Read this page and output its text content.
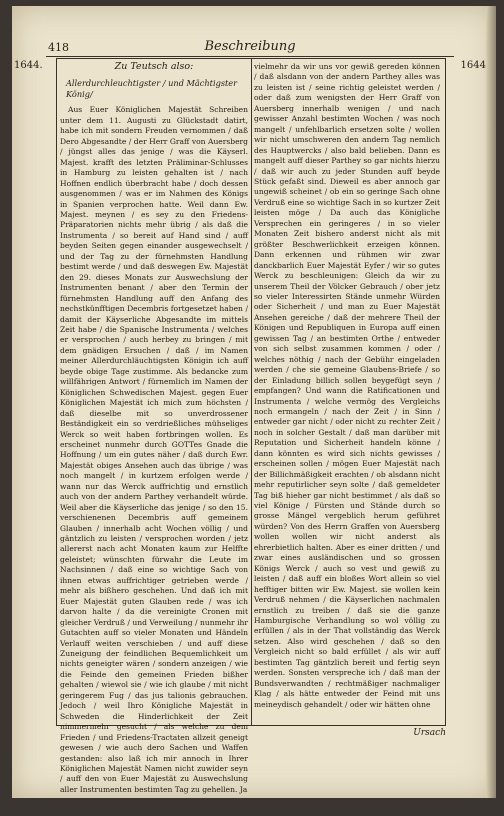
418	Beschreibung
1644.	1644
Zu Teutsch also:
Allerdurchleuchtigster / und Mächtigster König/

Aus Euer Königlichen Majestät Schreiben unter dem 11. Augusti zu Glückstadt datirt, habe ich mit sondern Freuden vernommen / daß Dero Abgesandte / der Herr Graff von Auersberg / jüngst alles das jenige / was die Käyserl. Majest. krafft des letzten Präliminar-Schlusses in Hamburg zu leisten gehalten ist / nach Hoffnen endlich überbracht habe / doch dessen ausgenommen / was er im Nahmen des Königs in Spanien verprochen hatte. Weil dann Ew. Majest. meynen / es sey zu den Friedens-Präparatorien nichts mehr übrig / als daß die Instrumenta / so bereit auf Hand sind / auff beyden Seiten gegen einander ausgewechselt / und der Tag zu der fürnehmsten Handlung bestimt werde / und daß deswegen Ew. Majestät den 29. dieses Monats zur Auswechslung der Instrumenten benant / aber den Termin der fürnehmsten Handlung auff den Anfang des nechstkünfftigen Decembris fortgesetzet haben / damit der Käyserliche Abgesandte im mittels Zeit habe / die Spanische Instrumenta / welches er versprochen / auch herbey zu bringen / mit dem gnädigen Ersuchen / daß / im Namen meiner Allerdurchläuchtigsten Königin ich auff beyde obige Tage zustimme. Als bedancke zum willfährigen Antwort / fürnemlich im Namen der Königlichen Schwedischen Majest. gegen Euer Königlichen Majestät ich mich zum höchsten / daß dieselbe mit so unverdrossener Beständigkeit ein so verdrießliches mühseliges Werck so weit haben fortbringen wollen. Es erscheinet nunmehr durch GOTTes Gnade die Hoffnung / um ein gutes näher / daß durch Ewr. Majestät obiges Ansehen auch das übrige / was noch mangelt / in kurtzem erfolgen werde / wann nur das Werck auffrichtig und ernstlich auch von der andern Parthey verhandelt würde. Weil aber die Käyserliche das jenige / so den 15. verschienenen Decembris auff gemeinem Glauben / innerhalb acht Wochen völlig / und gäntzlich zu leisten / versprochen worden / jetz allererst nach acht Monaten kaum zur Helffte geleistet; wünschten fürwahr die Leute im Nachsinnen / daß eine so wichtige Sach von ihnen etwas auffrichtiger getrieben werde / mehr als bißhero geschehen. Und daß ich mit Euer Majestät guten Glauben rede / was ich darvon halte / da die vereinigte Cronen mit gleicher Verdruß / und Verweilung / nunmehr ihr Gutachten auff so vieler Monaten und Händeln Verlauff weiten verschieben / und auff diese Zuneigung der feindlichen Bequemlichkeit um nichts geneigter wären / sondern anzeigen / wie die Feinde den gemeinen Frieden bißher gehalten / wiewol sie / wie ich glaube / mit nicht geringerem Fug / das jus talionis gebrauchen. Jedoch / weil Ihro Königliche Majestät in Schweden die Hinderlichkeit der Zeit nimmermehr gesucht / als welche zu dem Frieden / und Friedens-Tractaten allzeit geneigt gewesen / wie auch dero Sachen und Waffen gestanden: also laß ich mir annoch in Ihrer Königlichen Majestät Namen nicht zuwider seyn / auff den von Euer Majestät zu Auswechslung aller Instrumenten bestimten Tag zu gehellen. Ja

vielmehr da wir uns vor gewiß gereden können / daß alsdann von der andern Parthey alles was zu leisten ist / seine richtig geleistet werden / oder daß zum wenigsten der Herr Graff von Auersberg innerhalb wenigen / und nach gewisser Anzahl bestimten Wochen / was noch mangelt / unfehlbarlich ersetzen solte / wollen wir nicht umschweren den andern Tag nemlich des Hauptwercks / also bald belieben. Dann es mangelt auff dieser Parthey so gar nichts hierzu / daß wir auch zu jeder Stunden auff beyde Stück gefaßt sind. Dieweil es aber annoch gar ungewiß scheinet / ob ein so geringe Sach ohne Verdruß eine so wichtige Sach in so kurtzer Zeit leisten möge / Da auch das Königliche Versprechen ein geringeres / in so vieler Monaten Zeit bishero anderst nicht als mit größter Beschwerlichkeit erzeigen können. Dann erkennen und rühmen wir zwar danckbarlich Euer Majestät Eyfer / wir so gutes Werck zu beschleunigen: Gleich da wir zu unserem Theil der Völcker Gebrauch / ober jetz so vieler Interessirten Stände unmehr Würden oder Sicherheit / und man zu Euer Majestät Ansehen gereiche / daß der mehrere Theil der Königen und Republiquen in Europa auff einen gewissen Tag / an bestimten Orthe / entweder von sich selbst zusammen kommen / oder / welches nöthig / nach der Gebühr eingeladen werden / che sie gemeine Glaubens-Briefe / so der Einladung billich sollen beygefügt seyn / empfangen? Und wann die Ratificationen und Instrumenta / welche vermög des Vergleichs noch ermangeln / nach der Zeit / in Sinn / entweder gar nicht / oder nicht zu rechter Zeit / noch in solcher Gestalt / daß man darüber mit Reputation und Sicherheit handeln könne / dann könnten es wird sich nichts gewisses / erscheinen sollen / mögen Euer Majestät nach der Billichmäßigkeit erachten / ob alsdann nicht mehr reputirlicher seyn solte / daß gemeldeter Tag biß hieher gar nicht bestimmet / als daß so viel Könige / Fürsten und Stände durch so grosse Mängel vergeblich herum geführet würden? Von des Herrn Graffen von Auersberg wollen wollen wir nicht anderst als ehrerbietlich halten. Aber es einer dritten / und zwar eines ausländischen und so grossen Königs Werck / auch so vest und gewiß zu leisten / daß auff ein bloßes Wort allein so viel hefftiger bitten wir Ew. Majest. sie wollen kein Verdruß nehmen / die Käyserlichen nachmalen ernstlich zu treiben / daß sie die ganze Hamburgische Verhandlung so wol völlig zu erfüllen / als in der That vollständig das Werck setzen. Also wird geschehen / daß so den Vergleich nicht so bald erfüllet / als wir auff bestimten Tag gäntzlich bereit und fertig seyn werden. Sonsten verspreche ich / daß man der Bundsverwandten / rechtmäßiger nachmaliger Klag / als hätte entweder der Feind mit uns meineydisch gehandelt / oder wir hätten ohne

Ursach
